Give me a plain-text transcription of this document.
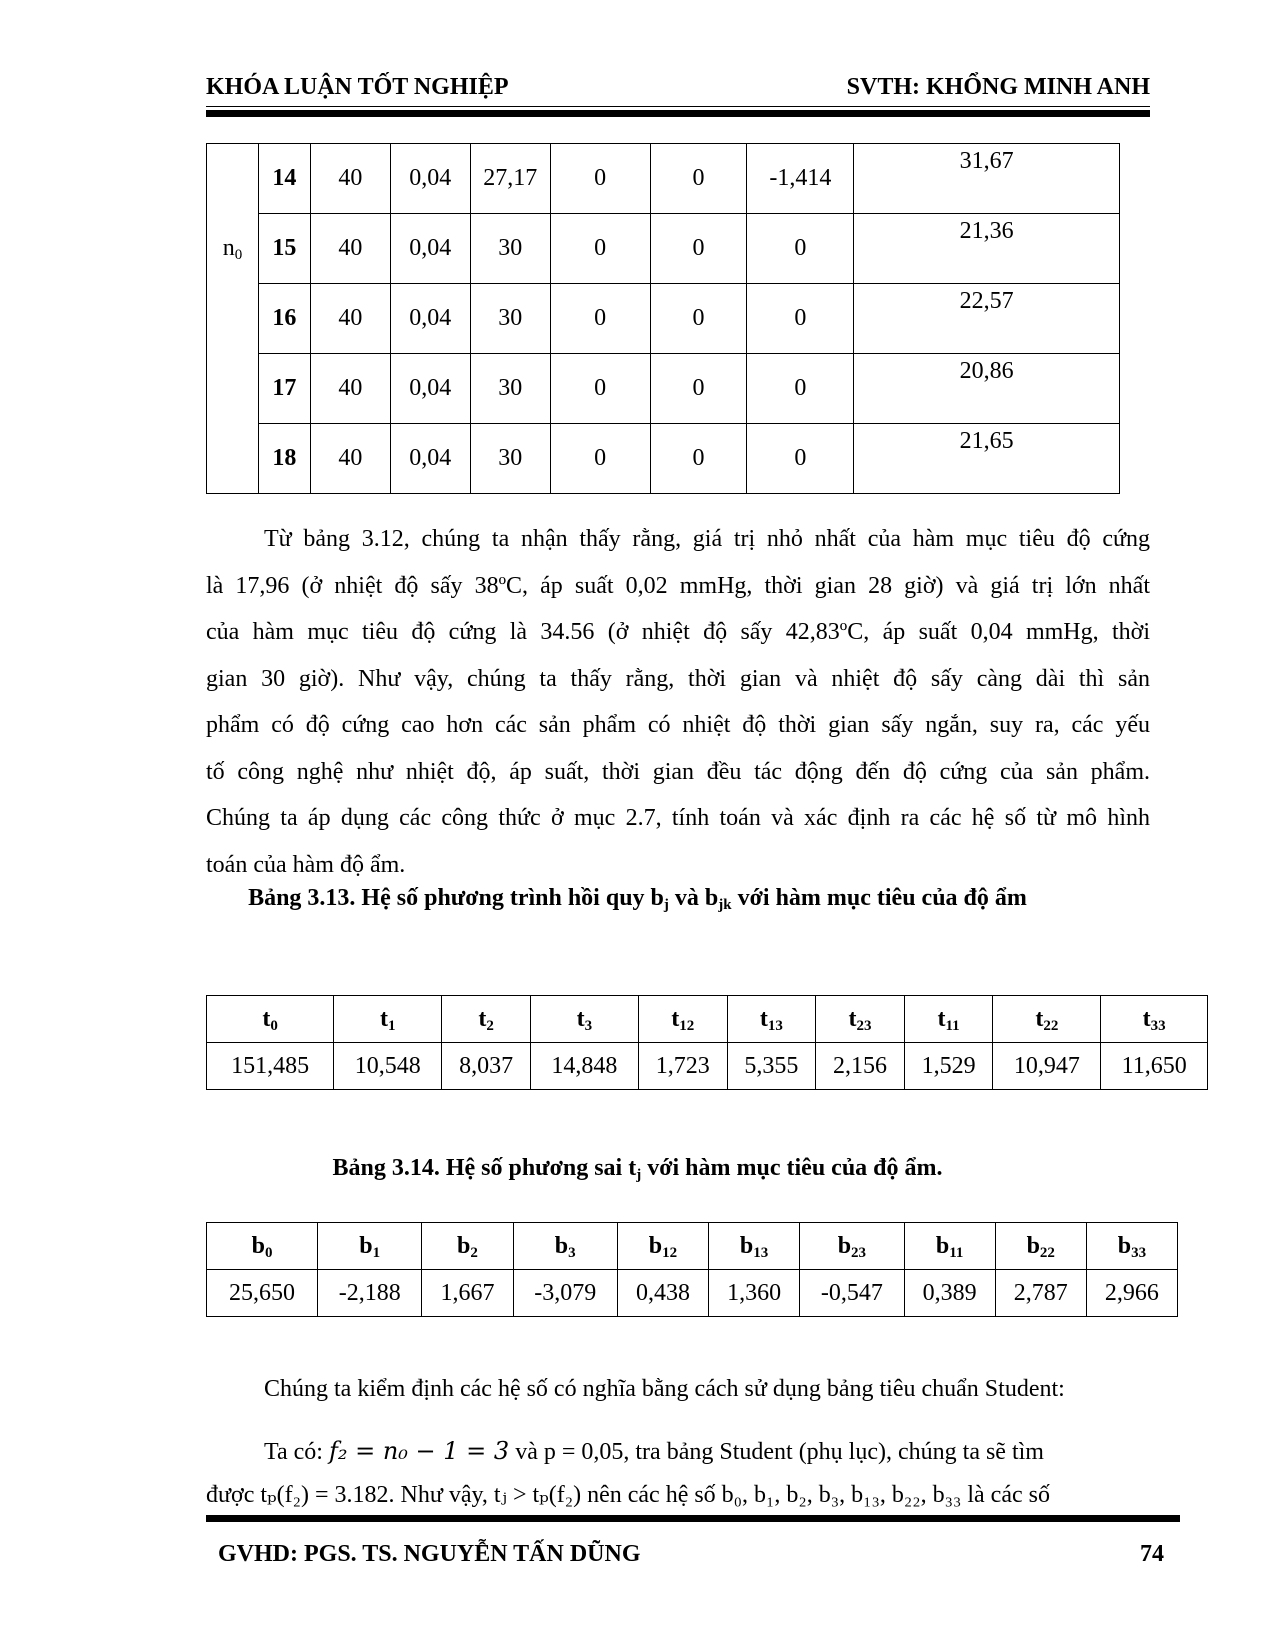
KHÓA LUẬN TỐT NGHIỆP	SVTH: KHỔNG MINH ANH
	14	40	0,04	27,17	0	0	-1,414	31,67
$n_0$	15	40	0,04	30	0	0	0	21,36
	16	40	0,04	30	0	0	0	22,57
	17	40	0,04	30	0	0	0	20,86
	18	40	0,04	30	0	0	0	21,65
Từ bảng 3.12, chúng ta nhận thấy rằng, giá trị nhỏ nhất của hàm mục tiêu độ cứng
là 17,96 (ở nhiệt độ sấy 38ºC, áp suất 0,02 mmHg, thời gian 28 giờ) và giá trị lớn nhất
của hàm mục tiêu độ cứng là 34.56 (ở nhiệt độ sấy 42,83ºC, áp suất 0,04 mmHg, thời
gian 30 giờ). Như vậy, chúng ta thấy rằng, thời gian và nhiệt độ sấy càng dài thì sản
phẩm có độ cứng cao hơn các sản phẩm có nhiệt độ thời gian sấy ngắn, suy ra, các yếu
tố công nghệ như nhiệt độ, áp suất, thời gian đều tác động đến độ cứng của sản phẩm.
Chúng ta áp dụng các công thức ở mục 2.7, tính toán và xác định ra các hệ số từ mô hình
toán của hàm độ ẩm.
Bảng 3.13. Hệ số phương trình hồi quy $b_j$ và $b_{jk}$ với hàm mục tiêu của độ ẩm
$t_0$	$t_1$	$t_2$	$t_3$	$t_{12}$	$t_{13}$	$t_{23}$	$t_{11}$	$t_{22}$	$t_{33}$
151,485	10,548	8,037	14,848	1,723	5,355	2,156	1,529	10,947	11,650
Bảng 3.14. Hệ số phương sai $t_j$ với hàm mục tiêu của độ ẩm.
$b_0$	$b_1$	$b_2$	$b_3$	$b_{12}$	$b_{13}$	$b_{23}$	$b_{11}$	$b_{22}$	$b_{33}$
25,650	-2,188	1,667	-3,079	0,438	1,360	-0,547	0,389	2,787	2,966
Chúng ta kiểm định các hệ số có nghĩa bằng cách sử dụng bảng tiêu chuẩn Student:
Ta có: f₂ = n₀ − 1 = 3 và p = 0,05, tra bảng Student (phụ lục), chúng ta sẽ tìm
được tₚ(f₂) = 3.182. Như vậy, tⱼ > tₚ(f₂) nên các hệ số b₀, b₁, b₂, b₃, b₁₃, b₂₂, b₃₃ là các số
GVHD: PGS. TS. NGUYỄN TẤN DŨNG	74
